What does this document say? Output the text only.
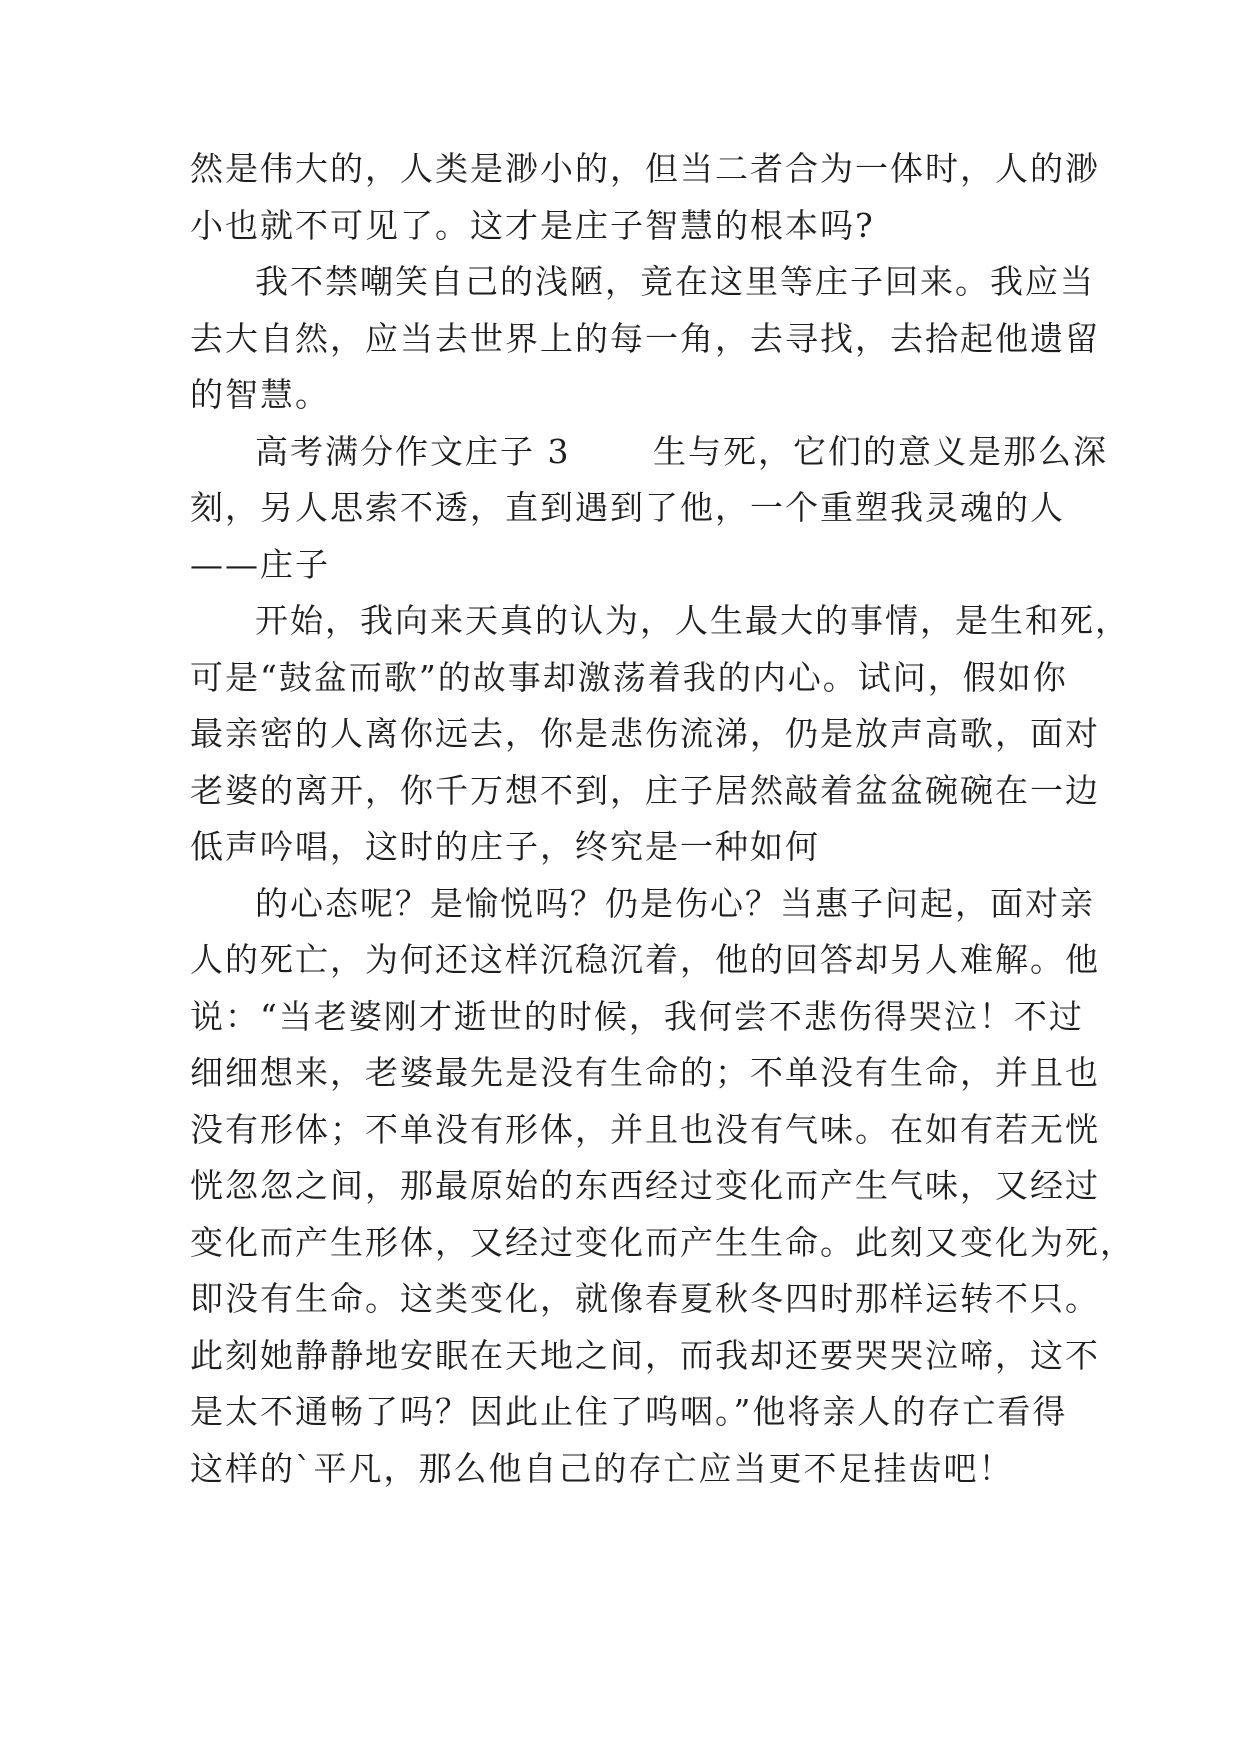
然是伟大的，人类是渺小的，但当二者合为一体时，人的渺
小也就不可见了。这才是庄子智慧的根本吗?
我不禁嘲笑自己的浅陋，竟在这里等庄子回来。我应当
去大自然，应当去世界上的每一角，去寻找，去拾起他遗留
的智慧。
高考满分作文庄子 3　　 生与死，它们的意义是那么深
刻，另人思索不透，直到遇到了他，一个重塑我灵魂的人
——庄子
开始，我向来天真的认为，人生最大的事情，是生和死，
可是“鼓盆而歌”的故事却激荡着我的内心。试问，假如你
最亲密的人离你远去，你是悲伤流涕，仍是放声高歌，面对
老婆的离开，你千万想不到，庄子居然敲着盆盆碗碗在一边
低声吟唱，这时的庄子，终究是一种如何
的心态呢？是愉悦吗？仍是伤心？当惠子问起，面对亲
人的死亡，为何还这样沉稳沉着，他的回答却另人难解。他
说：“当老婆刚才逝世的时候，我何尝不悲伤得哭泣！不过
细细想来，老婆最先是没有生命的；不单没有生命，并且也
没有形体；不单没有形体，并且也没有气味。在如有若无恍
恍忽忽之间，那最原始的东西经过变化而产生气味，又经过
变化而产生形体，又经过变化而产生生命。此刻又变化为死，
即没有生命。这类变化，就像春夏秋冬四时那样运转不只。
此刻她静静地安眠在天地之间，而我却还要哭哭泣啼，这不
是太不通畅了吗？因此止住了呜咽。”他将亲人的存亡看得
这样的`平凡，那么他自己的存亡应当更不足挂齿吧！
